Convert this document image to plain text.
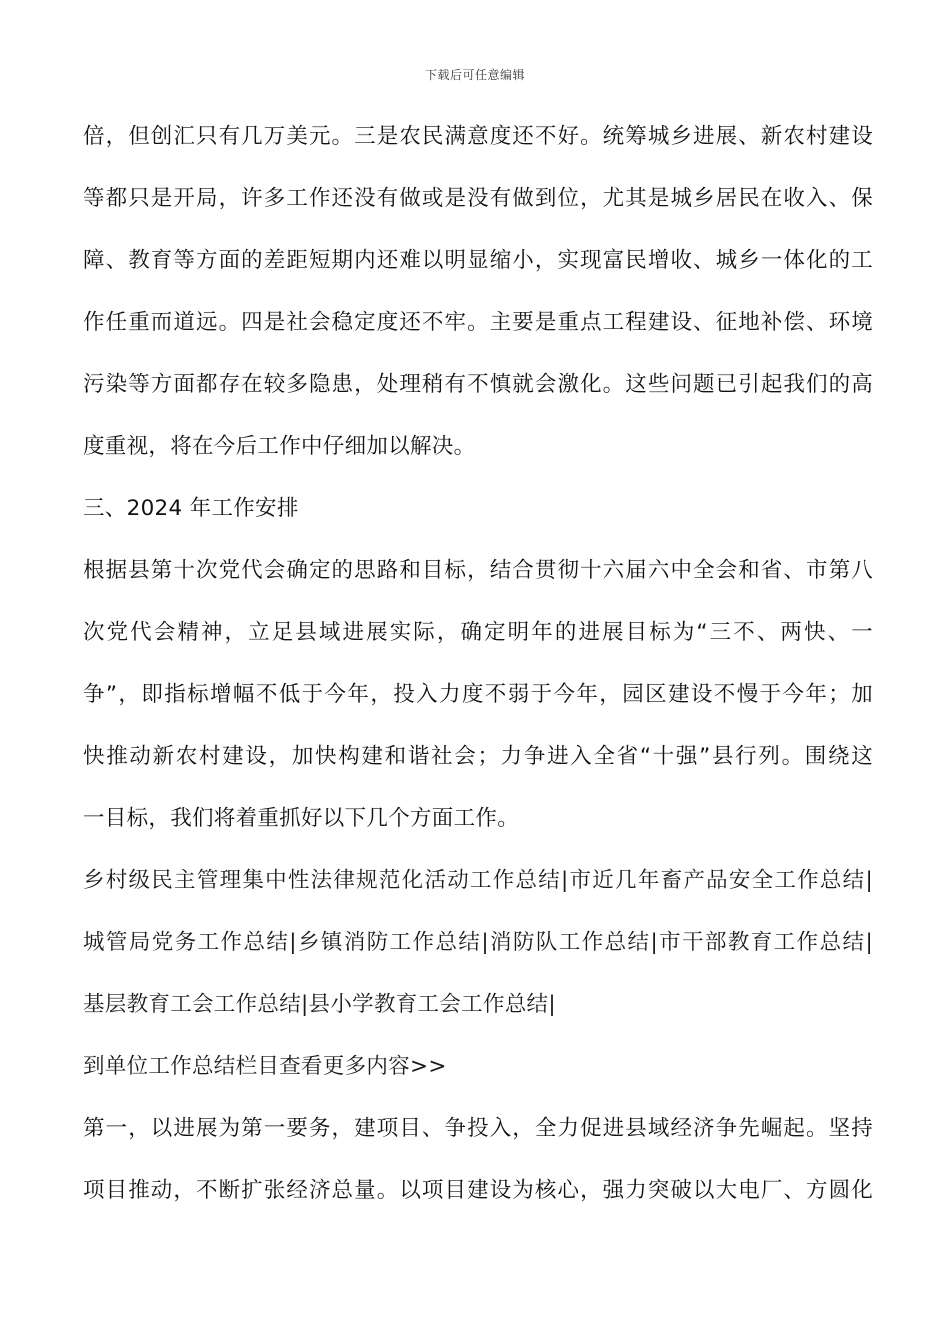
下载后可任意编辑
倍，但创汇只有几万美元。三是农民满意度还不好。统筹城乡进展、新农村建设
等都只是开局，许多工作还没有做或是没有做到位，尤其是城乡居民在收入、保
障、教育等方面的差距短期内还难以明显缩小，实现富民增收、城乡一体化的工
作任重而道远。四是社会稳定度还不牢。主要是重点工程建设、征地补偿、环境
污染等方面都存在较多隐患，处理稍有不慎就会激化。这些问题已引起我们的高
度重视，将在今后工作中仔细加以解决。
三、2024 年工作安排
根据县第十次党代会确定的思路和目标，结合贯彻十六届六中全会和省、市第八
次党代会精神，立足县域进展实际，确定明年的进展目标为“三不、两快、一
争”，即指标增幅不低于今年，投入力度不弱于今年，园区建设不慢于今年；加
快推动新农村建设，加快构建和谐社会；力争进入全省“十强”县行列。围绕这
一目标，我们将着重抓好以下几个方面工作。
乡村级民主管理集中性法律规范化活动工作总结|市近几年畜产品安全工作总结|
城管局党务工作总结|乡镇消防工作总结|消防队工作总结|市干部教育工作总结|
基层教育工会工作总结|县小学教育工会工作总结|
到单位工作总结栏目查看更多内容>>
第一，以进展为第一要务，建项目、争投入，全力促进县域经济争先崛起。坚持
项目推动，不断扩张经济总量。以项目建设为核心，强力突破以大电厂、方圆化
